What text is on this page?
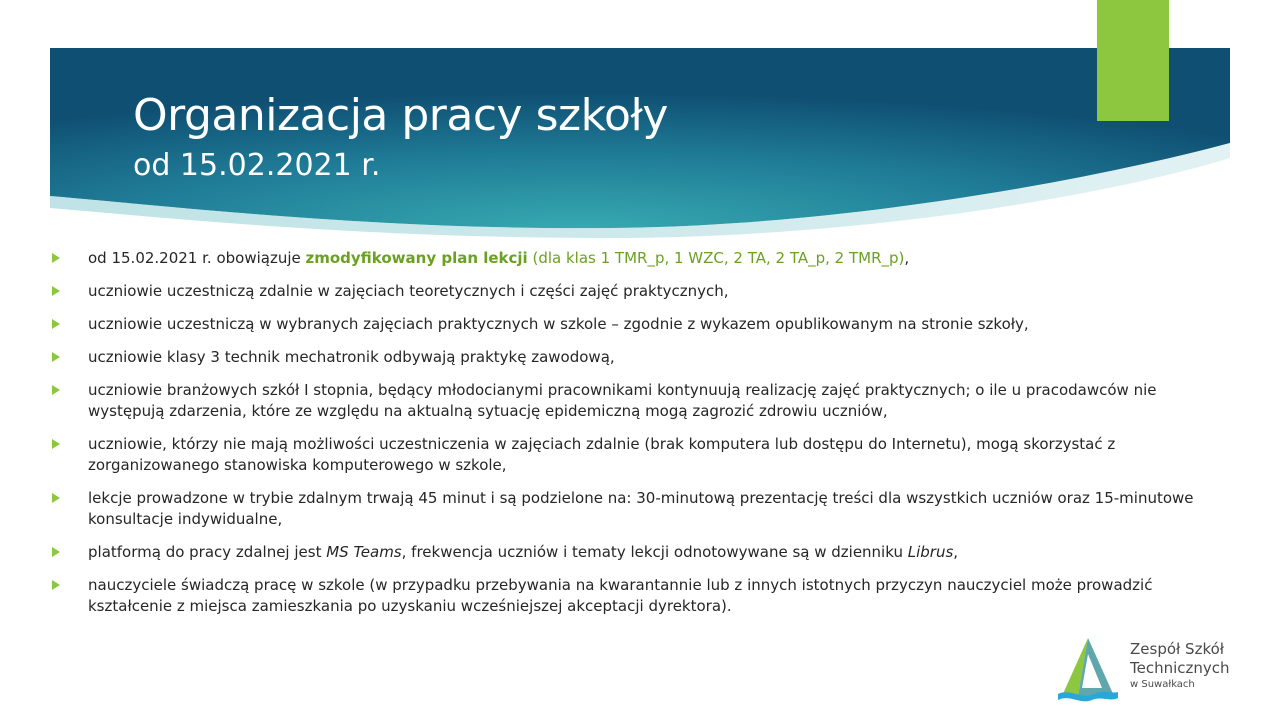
Organizacja pracy szkoły
od 15.02.2021 r.
od 15.02.2021 r. obowiązuje zmodyfikowany plan lekcji (dla klas 1 TMR_p, 1 WZC, 2 TA, 2 TA_p, 2 TMR_p),
uczniowie uczestniczą zdalnie w zajęciach teoretycznych i części zajęć praktycznych,
uczniowie uczestniczą w wybranych zajęciach praktycznych w szkole – zgodnie z wykazem opublikowanym na stronie szkoły,
uczniowie klasy 3 technik mechatronik odbywają praktykę zawodową,
uczniowie branżowych szkół I stopnia, będący młodocianymi pracownikami kontynuują realizację zajęć praktycznych; o ile u pracodawców nie występują zdarzenia, które ze względu na aktualną sytuację epidemiczną mogą zagrozić zdrowiu uczniów,
uczniowie, którzy nie mają możliwości uczestniczenia w zajęciach zdalnie (brak komputera lub dostępu do Internetu), mogą skorzystać z zorganizowanego stanowiska komputerowego w szkole,
lekcje prowadzone w trybie zdalnym trwają 45 minut i są podzielone na: 30-minutową prezentację treści dla wszystkich uczniów oraz 15-minutowe konsultacje indywidualne,
platformą do pracy zdalnej jest MS Teams, frekwencja uczniów i tematy lekcji odnotowywane są w dzienniku Librus,
nauczyciele świadczą pracę w szkole (w przypadku przebywania na kwarantannie lub z innych istotnych przyczyn nauczyciel może prowadzić kształcenie z miejsca zamieszkania po uzyskaniu wcześniejszej akceptacji dyrektora).
Zespół Szkół
Technicznych
w Suwałkach
